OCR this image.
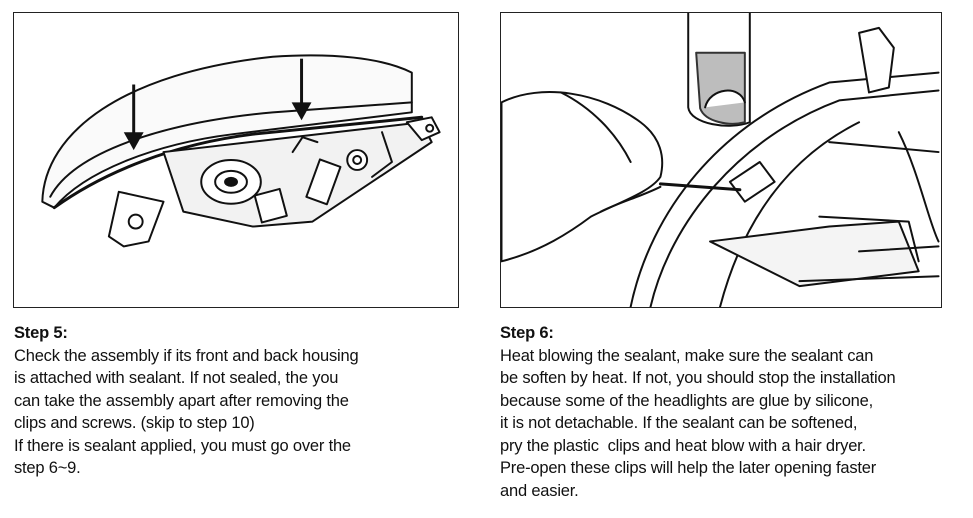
Step 5:
Check the assembly if its front and back housing
is attached with sealant. If not sealed, the you
can take the assembly apart after removing the
clips and screws. (skip to step 10)
If there is sealant applied, you must go over the
step 6~9.
Step 6:
Heat blowing the sealant, make sure the sealant can
be soften by heat. If not, you should stop the installation
because some of the headlights are glue by silicone,
it is not detachable. If the sealant can be softened,
pry the plastic  clips and heat blow with a hair dryer.
Pre-open these clips will help the later opening faster
and easier.
